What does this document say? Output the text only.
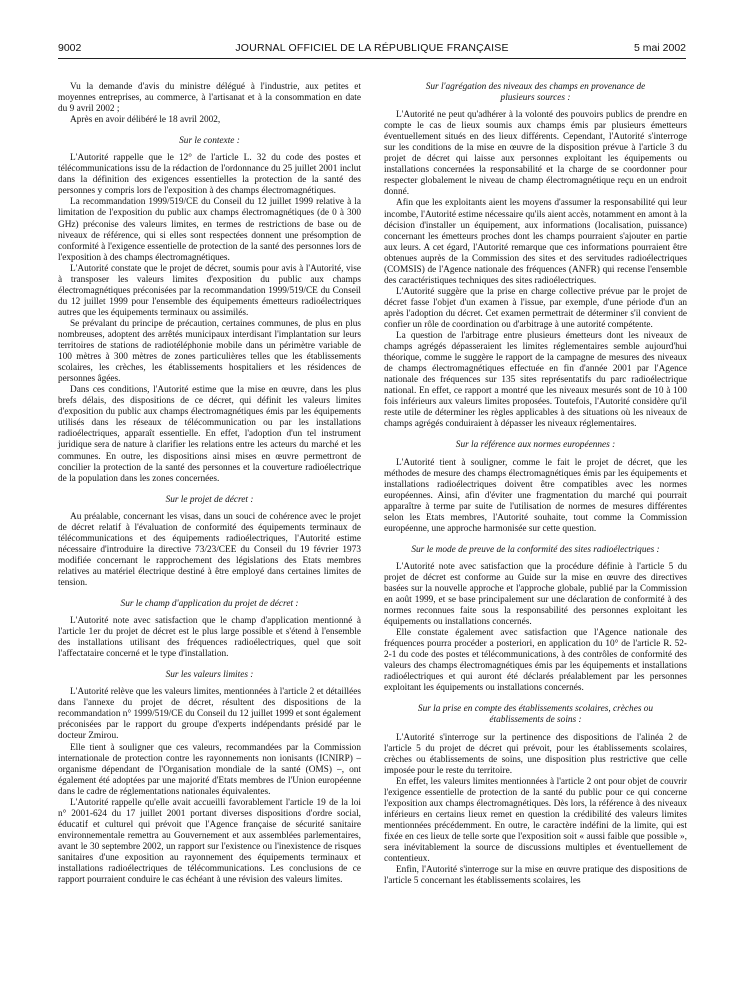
9002	JOURNAL OFFICIEL DE LA RÉPUBLIQUE FRANÇAISE	5 mai 2002

Vu la demande d'avis du ministre délégué à l'industrie, aux petites et moyennes entreprises, au commerce, à l'artisanat et à la consommation en date du 9 avril 2002 ;

Après en avoir délibéré le 18 avril 2002,

Sur le contexte :

L'Autorité rappelle que le 12° de l'article L. 32 du code des postes et télécommunications issu de la rédaction de l'ordonnance du 25 juillet 2001 inclut dans la définition des exigences essentielles la protection de la santé des personnes y compris lors de l'exposition à des champs électromagnétiques.

La recommandation 1999/519/CE du Conseil du 12 juillet 1999 relative à la limitation de l'exposition du public aux champs électromagnétiques (de 0 à 300 GHz) préconise des valeurs limites, en termes de restrictions de base ou de niveaux de référence, qui si elles sont respectées donnent une présomption de conformité à l'exigence essentielle de protection de la santé des personnes lors de l'exposition à des champs électromagnétiques.

L'Autorité constate que le projet de décret, soumis pour avis à l'Autorité, vise à transposer les valeurs limites d'exposition du public aux champs électromagnétiques préconisées par la recommandation 1999/519/CE du Conseil du 12 juillet 1999 pour l'ensemble des équipements émetteurs radioélectriques autres que les équipements terminaux ou assimilés.

Se prévalant du principe de précaution, certaines communes, de plus en plus nombreuses, adoptent des arrêtés municipaux interdisant l'implantation sur leurs territoires de stations de radiotéléphonie mobile dans un périmètre variable de 100 mètres à 300 mètres de zones particulières telles que les établissements scolaires, les crèches, les établissements hospitaliers et les résidences de personnes âgées.

Dans ces conditions, l'Autorité estime que la mise en œuvre, dans les plus brefs délais, des dispositions de ce décret, qui définit les valeurs limites d'exposition du public aux champs électromagnétiques émis par les équipements utilisés dans les réseaux de télécommunication ou par les installations radioélectriques, apparaît essentielle. En effet, l'adoption d'un tel instrument juridique sera de nature à clarifier les relations entre les acteurs du marché et les communes. En outre, les dispositions ainsi mises en œuvre permettront de concilier la protection de la santé des personnes et la couverture radioélectrique de la population dans les zones concernées.

Sur le projet de décret :

Au préalable, concernant les visas, dans un souci de cohérence avec le projet de décret relatif à l'évaluation de conformité des équipements terminaux de télécommunications et des équipements radioélectriques, l'Autorité estime nécessaire d'introduire la directive 73/23/CEE du Conseil du 19 février 1973 modifiée concernant le rapprochement des législations des Etats membres relatives au matériel électrique destiné à être employé dans certaines limites de tension.

Sur le champ d'application du projet de décret :

L'Autorité note avec satisfaction que le champ d'application mentionné à l'article 1er du projet de décret est le plus large possible et s'étend à l'ensemble des installations utilisant des fréquences radioélectriques, quel que soit l'affectataire concerné et le type d'installation.

Sur les valeurs limites :

L'Autorité relève que les valeurs limites, mentionnées à l'article 2 et détaillées dans l'annexe du projet de décret, résultent des dispositions de la recommandation n° 1999/519/CE du Conseil du 12 juillet 1999 et sont également préconisées par le rapport du groupe d'experts indépendants présidé par le docteur Zmirou.

Elle tient à souligner que ces valeurs, recommandées par la Commission internationale de protection contre les rayonnements non ionisants (ICNIRP) – organisme dépendant de l'Organisation mondiale de la santé (OMS) –, ont également été adoptées par une majorité d'Etats membres de l'Union européenne dans le cadre de réglementations nationales équivalentes.

L'Autorité rappelle qu'elle avait accueilli favorablement l'article 19 de la loi n° 2001-624 du 17 juillet 2001 portant diverses dispositions d'ordre social, éducatif et culturel qui prévoit que l'Agence française de sécurité sanitaire environnementale remettra au Gouvernement et aux assemblées parlementaires, avant le 30 septembre 2002, un rapport sur l'existence ou l'inexistence de risques sanitaires d'une exposition au rayonnement des équipements terminaux et installations radioélectriques de télécommunications. Les conclusions de ce rapport pourraient conduire le cas échéant à une révision des valeurs limites.

Sur l'agrégation des niveaux des champs en provenance de plusieurs sources :

L'Autorité ne peut qu'adhérer à la volonté des pouvoirs publics de prendre en compte le cas de lieux soumis aux champs émis par plusieurs émetteurs éventuellement situés en des lieux différents. Cependant, l'Autorité s'interroge sur les conditions de la mise en œuvre de la disposition prévue à l'article 3 du projet de décret qui laisse aux personnes exploitant les équipements ou installations concernées la responsabilité et la charge de se coordonner pour respecter globalement le niveau de champ électromagnétique reçu en un endroit donné.

Afin que les exploitants aient les moyens d'assumer la responsabilité qui leur incombe, l'Autorité estime nécessaire qu'ils aient accès, notamment en amont à la décision d'installer un équipement, aux informations (localisation, puissance) concernant les émetteurs proches dont les champs pourraient s'ajouter en partie aux leurs. A cet égard, l'Autorité remarque que ces informations pourraient être obtenues auprès de la Commission des sites et des servitudes radioélectriques (COMSIS) de l'Agence nationale des fréquences (ANFR) qui recense l'ensemble des caractéristiques techniques des sites radioélectriques.

L'Autorité suggère que la prise en charge collective prévue par le projet de décret fasse l'objet d'un examen à l'issue, par exemple, d'une période d'un an après l'adoption du décret. Cet examen permettrait de déterminer s'il convient de confier un rôle de coordination ou d'arbitrage à une autorité compétente.

La question de l'arbitrage entre plusieurs émetteurs dont les niveaux de champs agrégés dépasseraient les limites réglementaires semble aujourd'hui théorique, comme le suggère le rapport de la campagne de mesures des niveaux de champs électromagnétiques effectuée en fin d'année 2001 par l'Agence nationale des fréquences sur 135 sites représentatifs du parc radioélectrique national. En effet, ce rapport a montré que les niveaux mesurés sont de 10 à 100 fois inférieurs aux valeurs limites proposées. Toutefois, l'Autorité considère qu'il reste utile de déterminer les règles applicables à des situations où les niveaux de champs agrégés conduiraient à dépasser les niveaux réglementaires.

Sur la référence aux normes européennes :

L'Autorité tient à souligner, comme le fait le projet de décret, que les méthodes de mesure des champs électromagnétiques émis par les équipements et installations radioélectriques doivent être compatibles avec les normes européennes. Ainsi, afin d'éviter une fragmentation du marché qui pourrait apparaître à terme par suite de l'utilisation de normes de mesures différentes selon les Etats membres, l'Autorité souhaite, tout comme la Commission européenne, une approche harmonisée sur cette question.

Sur le mode de preuve de la conformité des sites radioélectriques :

L'Autorité note avec satisfaction que la procédure définie à l'article 5 du projet de décret est conforme au Guide sur la mise en œuvre des directives basées sur la nouvelle approche et l'approche globale, publié par la Commission en août 1999, et se base principalement sur une déclaration de conformité à des normes reconnues faite sous la responsabilité des personnes exploitant les équipements ou installations concernés.

Elle constate également avec satisfaction que l'Agence nationale des fréquences pourra procéder a posteriori, en application du 10° de l'article R. 52-2-1 du code des postes et télécommunications, à des contrôles de conformité des valeurs des champs électromagnétiques émis par les équipements et installations radioélectriques et qui auront été déclarés préalablement par les personnes exploitant les équipements ou installations concernés.

Sur la prise en compte des établissements scolaires, crèches ou établissements de soins :

L'Autorité s'interroge sur la pertinence des dispositions de l'alinéa 2 de l'article 5 du projet de décret qui prévoit, pour les établissements scolaires, crèches ou établissements de soins, une disposition plus restrictive que celle imposée pour le reste du territoire.

En effet, les valeurs limites mentionnées à l'article 2 ont pour objet de couvrir l'exigence essentielle de protection de la santé du public pour ce qui concerne l'exposition aux champs électromagnétiques. Dès lors, la référence à des niveaux inférieurs en certains lieux remet en question la crédibilité des valeurs limites mentionnées précédemment. En outre, le caractère indéfini de la limite, qui est fixée en ces lieux de telle sorte que l'exposition soit « aussi faible que possible », sera inévitablement la source de discussions multiples et éventuellement de contentieux.

Enfin, l'Autorité s'interroge sur la mise en œuvre pratique des dispositions de l'article 5 concernant les établissements scolaires, les
